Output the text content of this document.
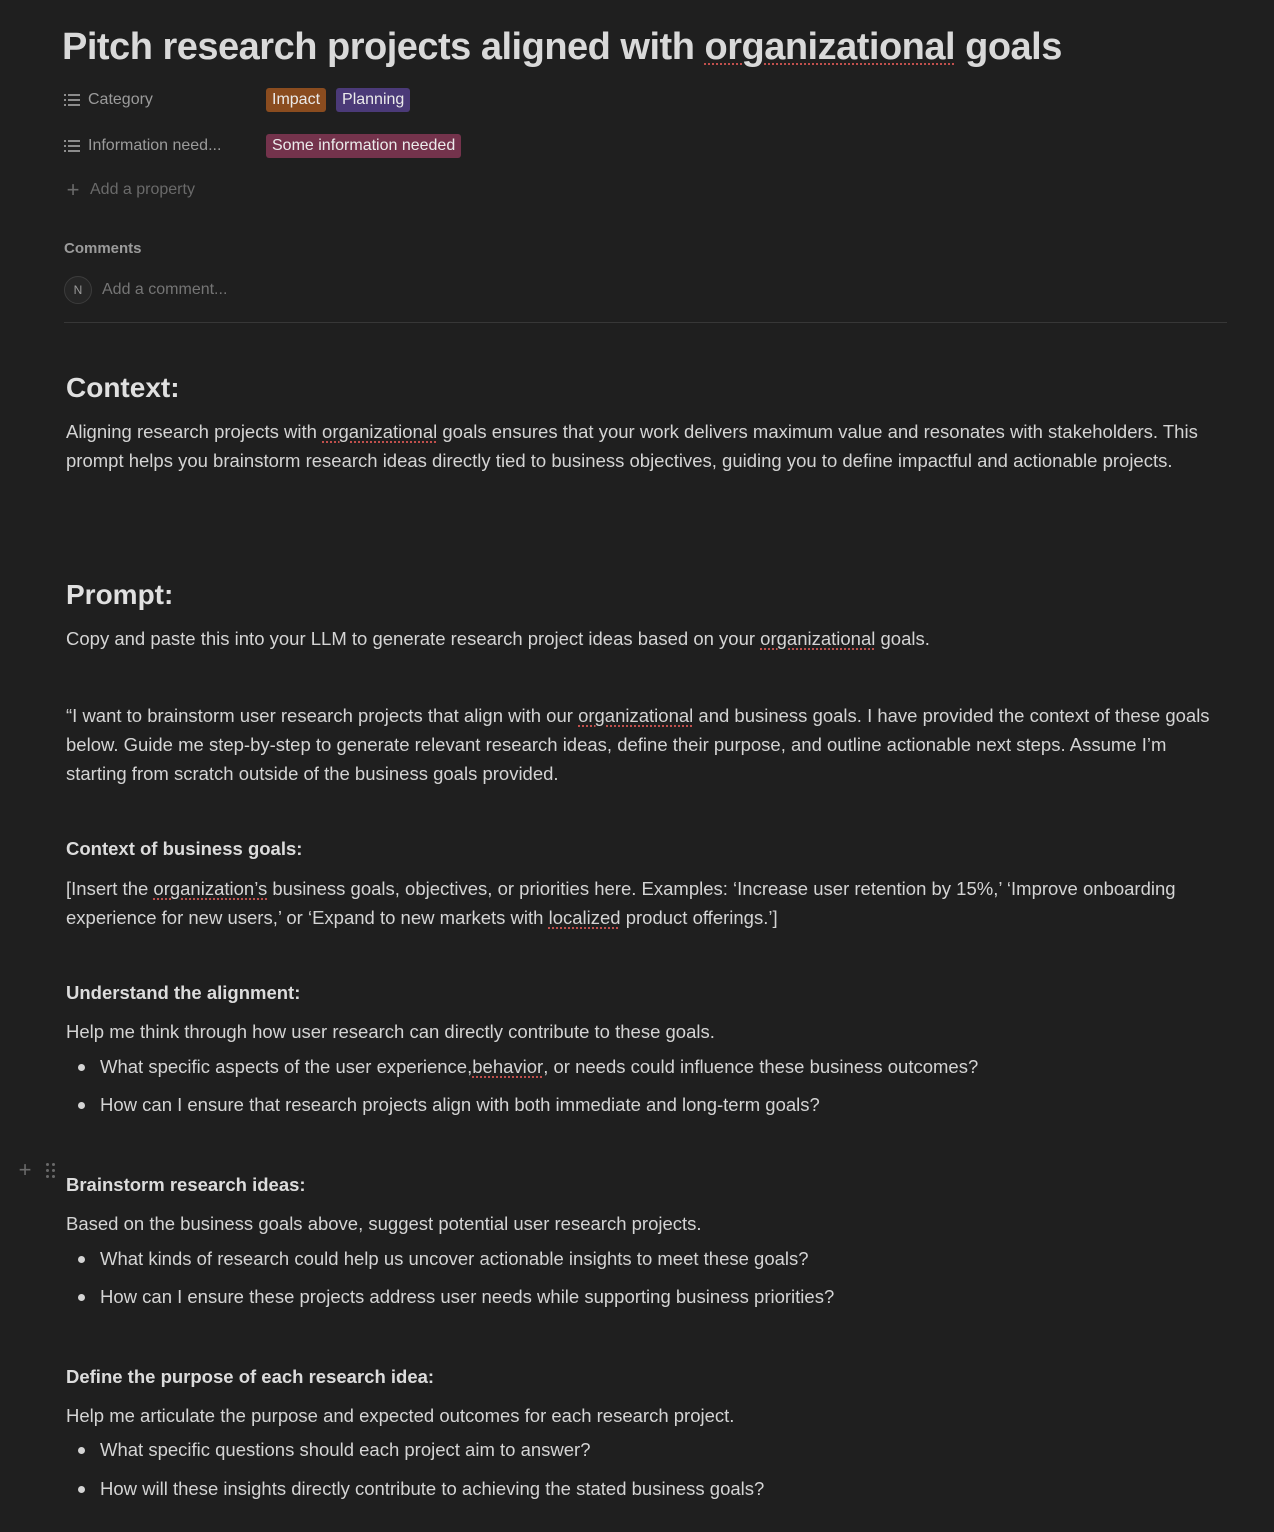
Pitch research projects aligned with organizational goals
Category	Impact Planning
Information need...	Some information needed
+ Add a property
Comments
N
Add a comment...
Context:

Aligning research projects with organizational goals ensures that your work delivers maximum value and resonates with stakeholders. This prompt helps you brainstorm research ideas directly tied to business objectives, guiding you to define impactful and actionable projects.

Prompt:

Copy and paste this into your LLM to generate research project ideas based on your organizational goals.

“I want to brainstorm user research projects that align with our organizational and business goals. I have provided the context of these goals below. Guide me step-by-step to generate relevant research ideas, define their purpose, and outline actionable next steps. Assume I’m starting from scratch outside of the business goals provided.

Context of business goals:

[Insert the organization’s business goals, objectives, or priorities here. Examples: ‘Increase user retention by 15%,’ ‘Improve onboarding experience for new users,’ or ‘Expand to new markets with localized product offerings.’]

Understand the alignment:

Help me think through how user research can directly contribute to these goals.

What specific aspects of the user experience, behavior , or needs could influence these business outcomes?
How can I ensure that research projects align with both immediate and long-term goals?
+
Brainstorm research ideas:

Based on the business goals above, suggest potential user research projects.

What kinds of research could help us uncover actionable insights to meet these goals?
How can I ensure these projects address user needs while supporting business priorities?
Define the purpose of each research idea:

Help me articulate the purpose and expected outcomes for each research project.

What specific questions should each project aim to answer?
How will these insights directly contribute to achieving the stated business goals?
